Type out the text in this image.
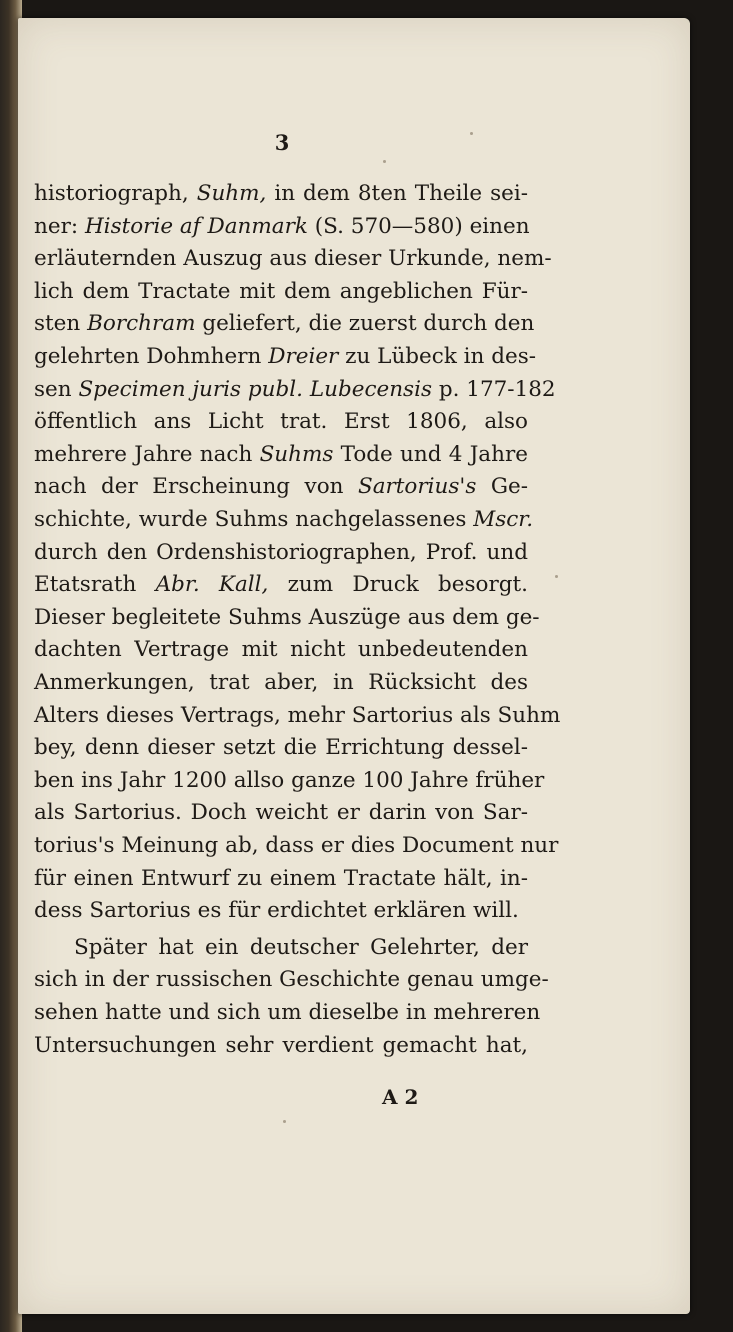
3
historiograph, Suhm, in dem 8ten Theile sei-
ner: Historie af Danmark (S. 570—580) einen
erläuternden Auszug aus dieser Urkunde, nem-
lich dem Tractate mit dem angeblichen Für-
sten Borchram geliefert, die zuerst durch den
gelehrten Dohmhern Dreier zu Lübeck in des-
sen Specimen juris publ. Lubecensis p. 177-182
öffentlich ans Licht trat. Erst 1806, also
mehrere Jahre nach Suhms Tode und 4 Jahre
nach der Erscheinung von Sartorius's Ge-
schichte, wurde Suhms nachgelassenes Mscr.
durch den Ordenshistoriographen, Prof. und
Etatsrath Abr. Kall, zum Druck besorgt.
Dieser begleitete Suhms Auszüge aus dem ge-
dachten Vertrage mit nicht unbedeutenden
Anmerkungen, trat aber, in Rücksicht des
Alters dieses Vertrags, mehr Sartorius als Suhm
bey, denn dieser setzt die Errichtung dessel-
ben ins Jahr 1200 allso ganze 100 Jahre früher
als Sartorius. Doch weicht er darin von Sar-
torius's Meinung ab, dass er dies Document nur
für einen Entwurf zu einem Tractate hält, in-
dess Sartorius es für erdichtet erklären will.
Später hat ein deutscher Gelehrter, der
sich in der russischen Geschichte genau umge-
sehen hatte und sich um dieselbe in mehreren
Untersuchungen sehr verdient gemacht hat,
A 2
